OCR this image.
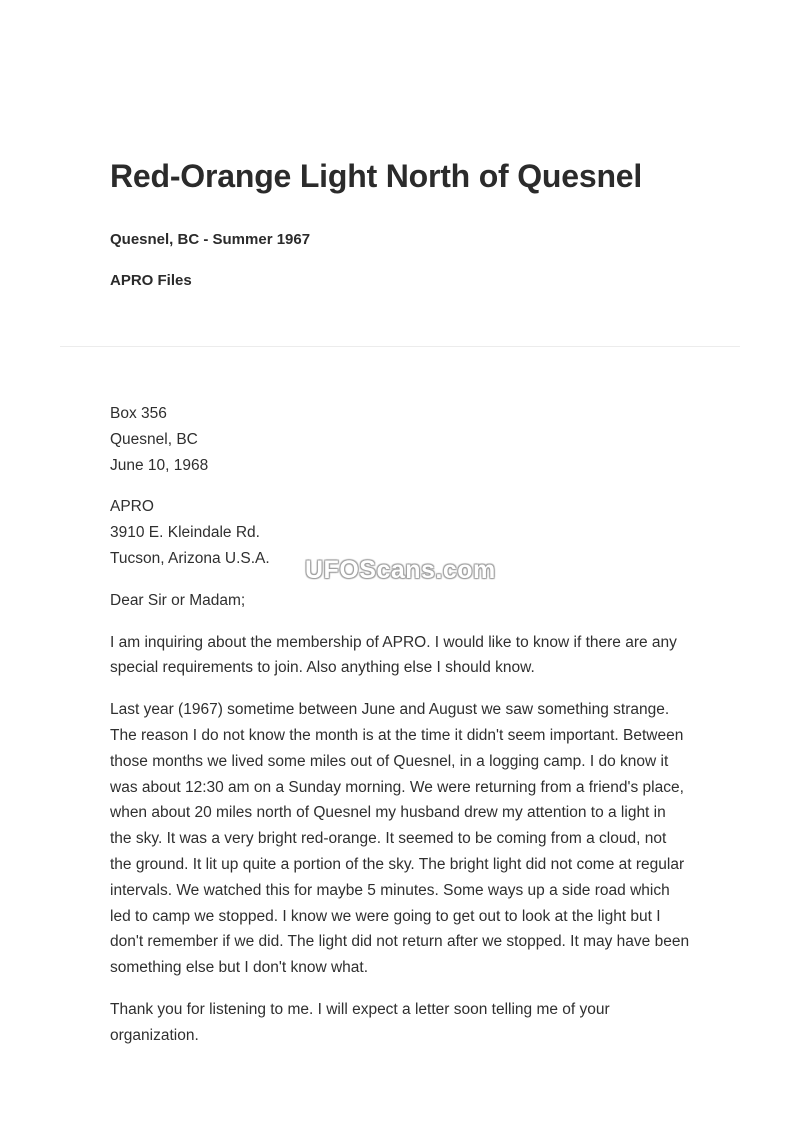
Red-Orange Light North of Quesnel
Quesnel, BC - Summer 1967
APRO Files

Box 356

Quesnel, BC

June 10, 1968

APRO

3910 E. Kleindale Rd.

Tucson, Arizona U.S.A.

Dear Sir or Madam;

I am inquiring about the membership of APRO. I would like to know if there are any special requirements to join. Also anything else I should know.

Last year (1967) sometime between June and August we saw something strange. The reason I do not know the month is at the time it didn't seem important. Between those months we lived some miles out of Quesnel, in a logging camp. I do know it was about 12:30 am on a Sunday morning. We were returning from a friend's place, when about 20 miles north of Quesnel my husband drew my attention to a light in the sky. It was a very bright red-orange. It seemed to be coming from a cloud, not the ground. It lit up quite a portion of the sky. The bright light did not come at regular intervals. We watched this for maybe 5 minutes. Some ways up a side road which led to camp we stopped. I know we were going to get out to look at the light but I don't remember if we did. The light did not return after we stopped. It may have been something else but I don't know what.

Thank you for listening to me. I will expect a letter soon telling me of your organization.

UFOScans.com
